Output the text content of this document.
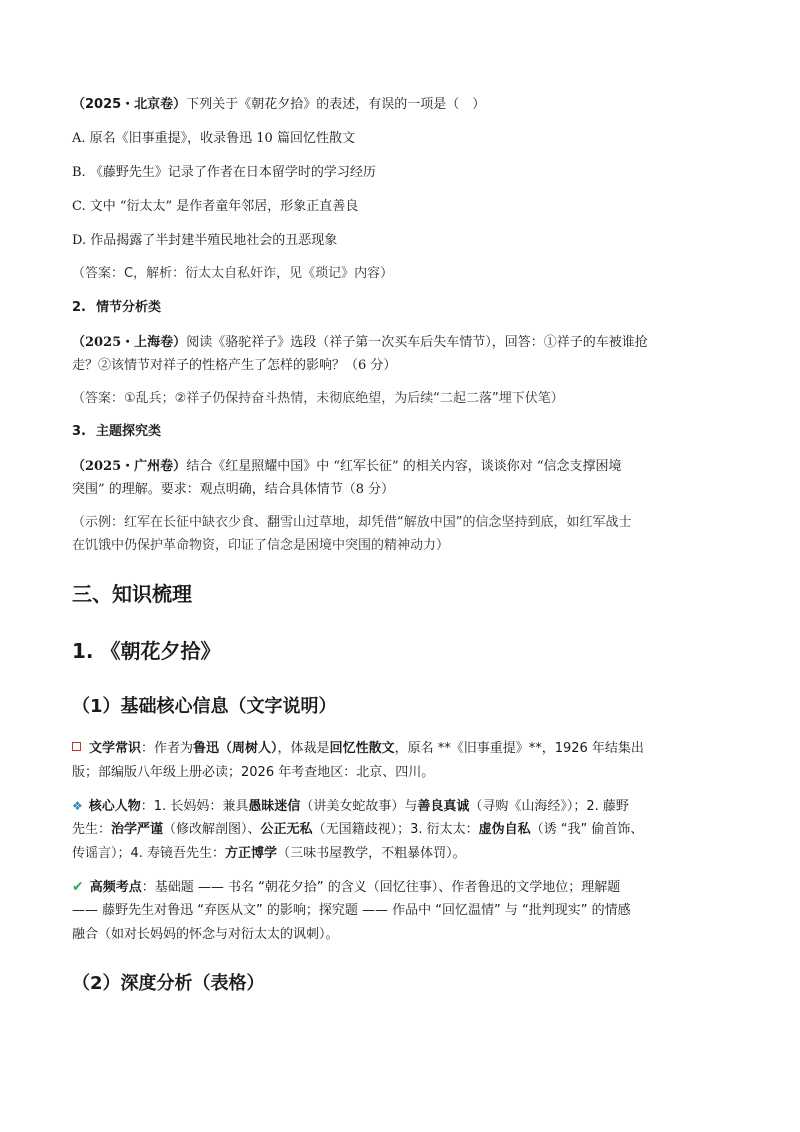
（2025・北京卷）下列关于《朝花夕拾》的表述，有误的一项是（　）
A. 原名《旧事重提》，收录鲁迅 10 篇回忆性散文
B. 《藤野先生》记录了作者在日本留学时的学习经历
C. 文中 “衍太太” 是作者童年邻居，形象正直善良
D. 作品揭露了半封建半殖民地社会的丑恶现象
（答案：C，解析：衍太太自私奸诈，见《琐记》内容）
2. 情节分析类
（2025・上海卷）阅读《骆驼祥子》选段（祥子第一次买车后失车情节），回答：①祥子的车被谁抢
走？②该情节对祥子的性格产生了怎样的影响？（6 分）
（答案：①乱兵；②祥子仍保持奋斗热情，未彻底绝望，为后续“二起二落”埋下伏笔）
3. 主题探究类
（2025・广州卷）结合《红星照耀中国》中 “红军长征” 的相关内容，谈谈你对 “信念支撑困境
突围” 的理解。要求：观点明确，结合具体情节（8 分）
（示例：红军在长征中缺衣少食、翻雪山过草地，却凭借“解放中国”的信念坚持到底，如红军战士
在饥饿中仍保护革命物资，印证了信念是困境中突围的精神动力）
三、知识梳理
1. 《朝花夕拾》
（1）基础核心信息（文字说明）
文学常识：作者为鲁迅（周树人），体裁是回忆性散文，原名 **《旧事重提》**，1926 年结集出
版；部编版八年级上册必读；2026 年考查地区：北京、四川。
❖ 核心人物：1. 长妈妈：兼具愚昧迷信（讲美女蛇故事）与善良真诚（寻购《山海经》）；2. 藤野
先生：治学严谨（修改解剖图）、公正无私（无国籍歧视）；3. 衍太太：虚伪自私（诱 “我” 偷首饰、
传谣言）；4. 寿镜吾先生：方正博学（三味书屋教学，不粗暴体罚）。
✔ 高频考点：基础题 —— 书名 “朝花夕拾” 的含义（回忆往事）、作者鲁迅的文学地位；理解题
—— 藤野先生对鲁迅 “弃医从文” 的影响；探究题 —— 作品中 “回忆温情” 与 “批判现实” 的情感
融合（如对长妈妈的怀念与对衍太太的讽刺）。
（2）深度分析（表格）
